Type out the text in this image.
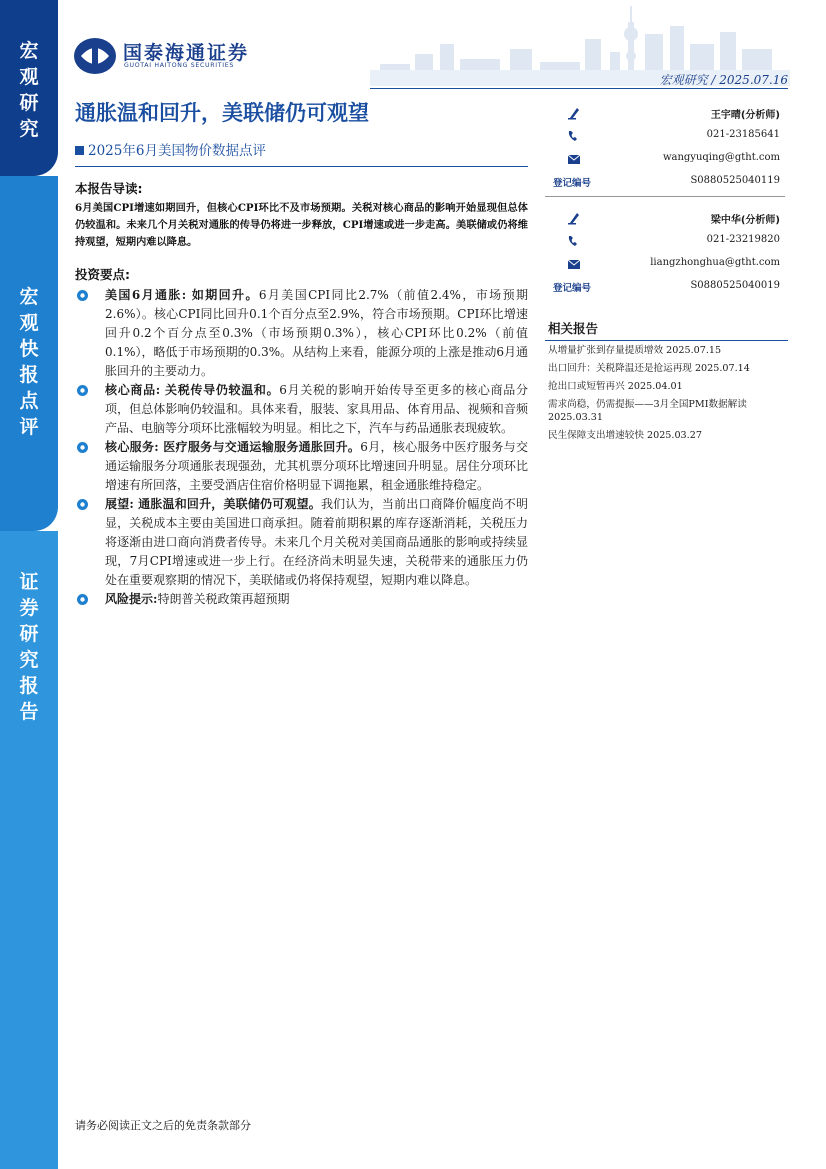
宏
观
研
究
宏
观
快
报
点
评
证
券
研
究
报
告
国泰海通证券
GUOTAI HAITONG SECURITIES
宏观研究 / 2025.07.16
通胀温和回升，美联储仍可观望
2025年6月美国物价数据点评
本报告导读:
6月美国CPI增速如期回升，但核心CPI环比不及市场预期。关税对核心商品的影响开始显现但总体仍较温和。未来几个月关税对通胀的传导仍将进一步释放，CPI增速或进一步走高。美联储或仍将维持观望，短期内难以降息。
投资要点:
美国6月通胀: 如期回升。6月美国CPI同比2.7%（前值2.4%，市场预期2.6%）。核心CPI同比回升0.1个百分点至2.9%，符合市场预期。CPI环比增速回升0.2个百分点至0.3%（市场预期0.3%），核心CPI环比0.2%（前值0.1%），略低于市场预期的0.3%。从结构上来看，能源分项的上涨是推动6月通胀回升的主要动力。
核心商品: 关税传导仍较温和。6月关税的影响开始传导至更多的核心商品分项，但总体影响仍较温和。具体来看，服装、家具用品、体育用品、视频和音频产品、电脑等分项环比涨幅较为明显。相比之下，汽车与药品通胀表现疲软。
核心服务: 医疗服务与交通运输服务通胀回升。6月，核心服务中医疗服务与交通运输服务分项通胀表现强劲，尤其机票分项环比增速回升明显。居住分项环比增速有所回落，主要受酒店住宿价格明显下调拖累，租金通胀维持稳定。
展望: 通胀温和回升，美联储仍可观望。我们认为，当前出口商降价幅度尚不明显，关税成本主要由美国进口商承担。随着前期积累的库存逐渐消耗，关税压力将逐渐由进口商向消费者传导。未来几个月关税对美国商品通胀的影响或持续显现，7月CPI增速或进一步上行。在经济尚未明显失速，关税带来的通胀压力仍处在重要观察期的情况下，美联储或仍将保持观望，短期内难以降息。
风险提示:特朗普关税政策再超预期
王宇晴(分析师)
021-23185641
wangyuqing@gtht.com
登记编号	S0880525040119
梁中华(分析师)
021-23219820
liangzhonghua@gtht.com
登记编号	S0880525040019
相关报告
从增量扩张到存量提质增效 2025.07.15
出口回升：关税降温还是抢运再现 2025.07.14
抢出口或短暂再兴 2025.04.01
需求尚稳，仍需提振——3月全国PMI数据解读 2025.03.31
民生保障支出增速较快 2025.03.27
请务必阅读正文之后的免责条款部分
